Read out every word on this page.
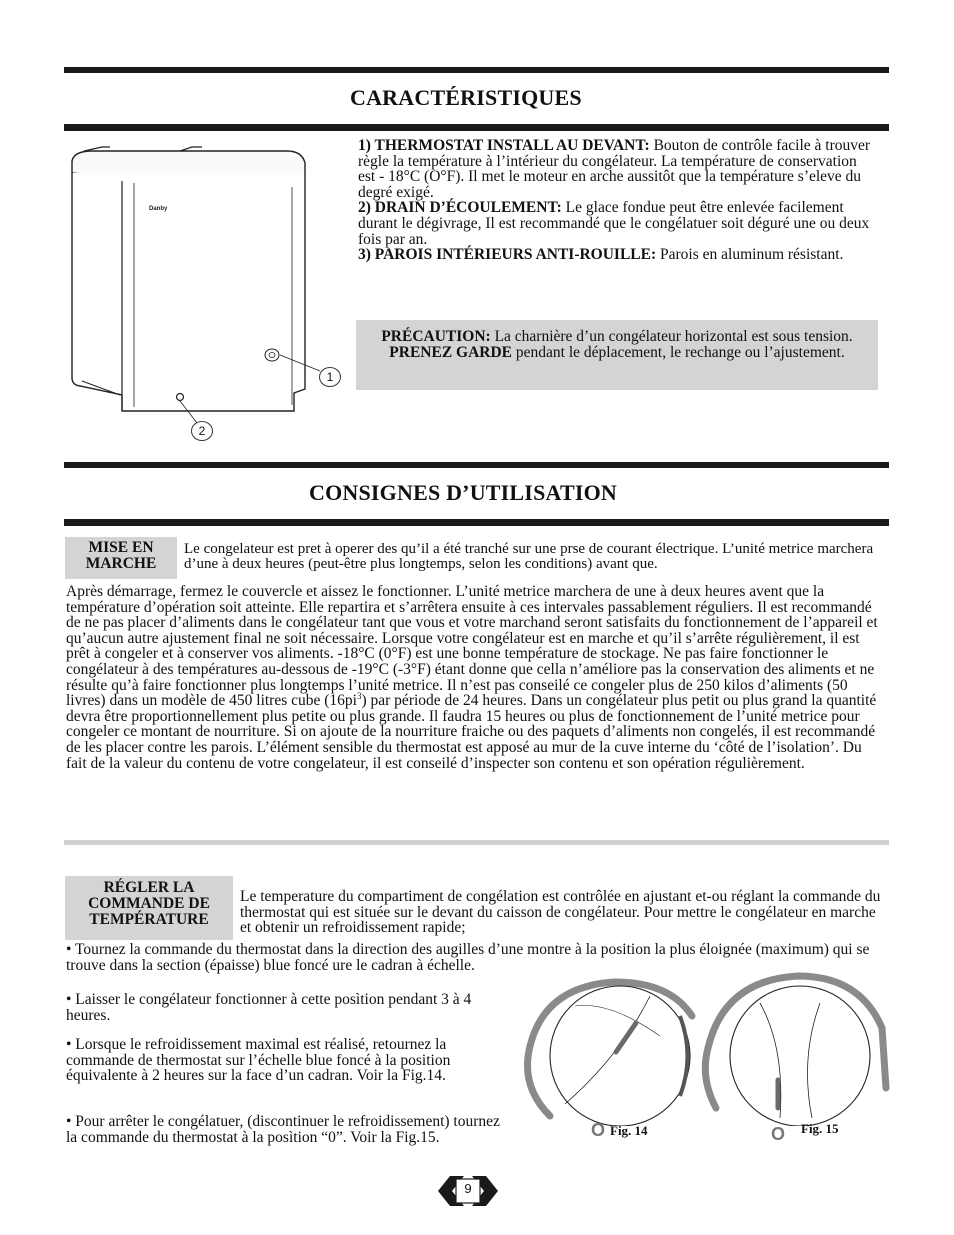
CARACTÉRISTIQUES
Danby
1
2
1) THERMOSTAT INSTALL AU DEVANT: Bouton de contrôle facile à trouver règle la température à l’intérieur du congélateur. La température de conservation est - 18°C (O°F). Il met le moteur en arche aussitôt que la température s’eleve du degré exigé.
2) DRAIN D’ÉCOULEMENT: Le glace fondue peut être enlevée facilement durant le dégivrage, Il est recommandé que le congélatuer soit déguré une ou deux fois par an.
3) PAROIS INTÉRIEURS ANTI-ROUILLE: Parois en aluminum résistant.
PRÉCAUTION: La charnière d’un congélateur horizontal est sous tension. PRENEZ GARDE pendant le déplacement, le rechange ou l’ajustement.
CONSIGNES D’UTILISATION
MISE EN MARCHE
Le congelateur est pret à operer des qu’il a été tranché sur une prse de courant électrique. L’unité metrice marchera d’une à deux heures (peut-être plus longtemps, selon les conditions) avant que.
Après démarrage, fermez le couvercle et aissez le fonctionner. L’unité metrice marchera de une à deux heures avent que la température d’opération soit atteinte. Elle repartira et s’arrêtera ensuite à ces intervales passablement réguliers. Il est recommandé de ne pas placer d’aliments dans le congélateur tant que vous et votre marchand seront satisfaits du fonctionnement de l’appareil et qu’aucun autre ajustement final ne soit nécessaire. Lorsque votre congélateur est en marche et qu’il s’arrête régulièrement, il est prêt à congeler et à conserver vos aliments. -18°C (0°F) est une bonne température de stockage. Ne pas faire fonctionner le congélateur à des températures au-dessous de -19°C (-3°F) étant donne que cella n’améliore pas la conservation des aliments et ne résulte qu’à faire fonctionner plus longtemps l’unité metrice. Il n’est pas conseilé ce congeler plus de 250 kilos d’aliments (50 livres) dans un modèle de 450 litres cube $(16pi^3)$ par période de 24 heures. Dans un congélateur plus petit ou plus grand la quantité devra être proportionnellement plus petite ou plus grande. Il faudra 15 heures ou plus de fonctionnement de l’unité metrice pour congeler ce montant de nourriture. Si on ajoute de la nourriture fraiche ou des paquets d’aliments non congelés, il est recommandé de les placer contre les parois. L’élément sensible du thermostat est apposé au mur de la cuve interne du ‘côté de l’isolation’. Du fait de la valeur du contenu de votre congelateur, il est conseilé d’inspecter son contenu et son opération régulièrement.
RÉGLER LA COMMANDE DE TEMPÉRATURE
Le temperature du compartiment de congélation est contrôlée en ajustant et-ou réglant la commande du thermostat qui est située sur le devant du caisson de congélateur. Pour mettre le congélateur en marche et obtenir un refroidissement rapide;
• Tournez la commande du thermostat dans la direction des augilles d’une montre à la position la plus éloignée (maximum) qui se trouve dans la section (épaisse) blue foncé ure le cadran à échelle.
• Laisser le congélateur fonctionner à cette posìtion pendant 3 à 4 heures.
• Lorsque le refroidissement maximal est réalisé, retournez la commande de thermostat sur l’échelle blue foncé à la position équivalente à 2 heures sur la face d’un cadran. Voir la Fig.14.
• Pour arrêter le congélatuer, (discontinuer le refroidissement) tournez la commande du thermostat à la posìtion “0”. Voir la Fig.15.	O Fig. 14	O Fig. 15
9
